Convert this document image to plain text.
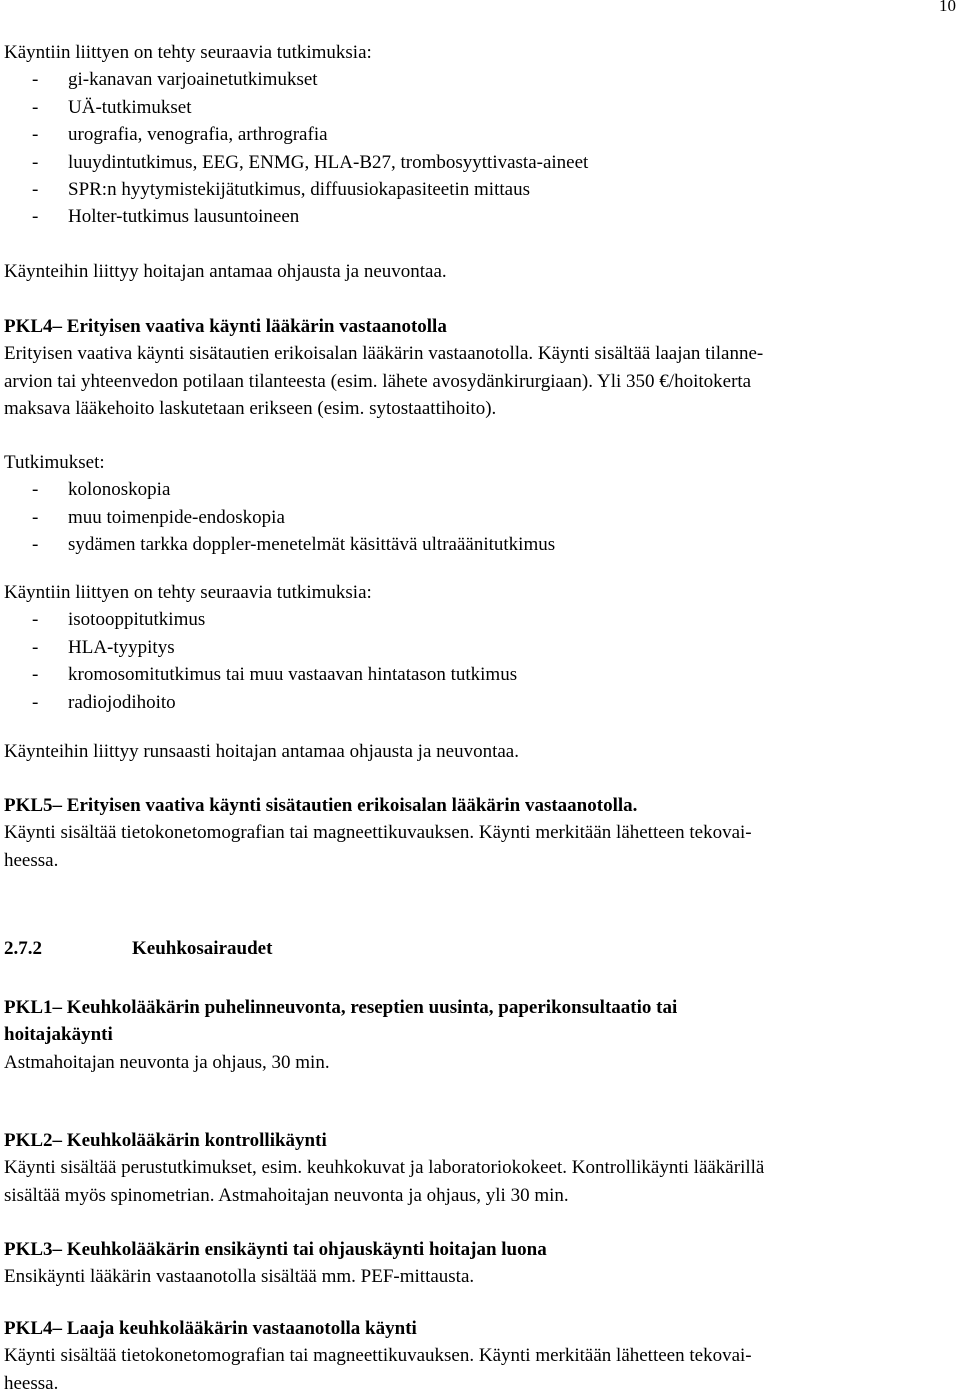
10
Käyntiin liittyen on tehty seuraavia tutkimuksia:
- gi-kanavan varjoainetutkimukset
- UÄ-tutkimukset
- urografia, venografia, arthrografia
- luuydintutkimus, EEG, ENMG, HLA-B27, trombosyyttivasta-aineet
- SPR:n hyytymistekijätutkimus, diffuusiokapasiteetin mittaus
- Holter-tutkimus lausuntoineen
Käynteihin liittyy hoitajan antamaa ohjausta ja neuvontaa.
PKL4– Erityisen vaativa käynti lääkärin vastaanotolla
Erityisen vaativa käynti sisätautien erikoisalan lääkärin vastaanotolla. Käynti sisältää laajan tilanne-
arvion tai yhteenvedon potilaan tilanteesta (esim. lähete avosydänkirurgiaan). Yli 350 €/hoitokerta
maksava lääkehoito laskutetaan erikseen (esim. sytostaattihoito).
Tutkimukset:
- kolonoskopia
- muu toimenpide-endoskopia
- sydämen tarkka doppler-menetelmät käsittävä ultraäänitutkimus
Käyntiin liittyen on tehty seuraavia tutkimuksia:
- isotooppitutkimus
- HLA-tyypitys
- kromosomitutkimus tai muu vastaavan hintatason tutkimus
- radiojodihoito
Käynteihin liittyy runsaasti hoitajan antamaa ohjausta ja neuvontaa.
PKL5– Erityisen vaativa käynti sisätautien erikoisalan lääkärin vastaanotolla.
Käynti sisältää tietokonetomografian tai magneettikuvauksen. Käynti merkitään lähetteen tekovai-
heessa.
2.7.2	Keuhkosairaudet
PKL1– Keuhkolääkärin puhelinneuvonta, reseptien uusinta, paperikonsultaatio tai
hoitajakäynti
Astmahoitajan neuvonta ja ohjaus, 30 min.
PKL2– Keuhkolääkärin kontrollikäynti
Käynti sisältää perustutkimukset, esim. keuhkokuvat ja laboratoriokokeet. Kontrollikäynti lääkärillä
sisältää myös spinometrian. Astmahoitajan neuvonta ja ohjaus, yli 30 min.
PKL3– Keuhkolääkärin ensikäynti tai ohjauskäynti hoitajan luona
Ensikäynti lääkärin vastaanotolla sisältää mm. PEF-mittausta.
PKL4– Laaja keuhkolääkärin vastaanotolla käynti
Käynti sisältää tietokonetomografian tai magneettikuvauksen. Käynti merkitään lähetteen tekovai-
heessa.
